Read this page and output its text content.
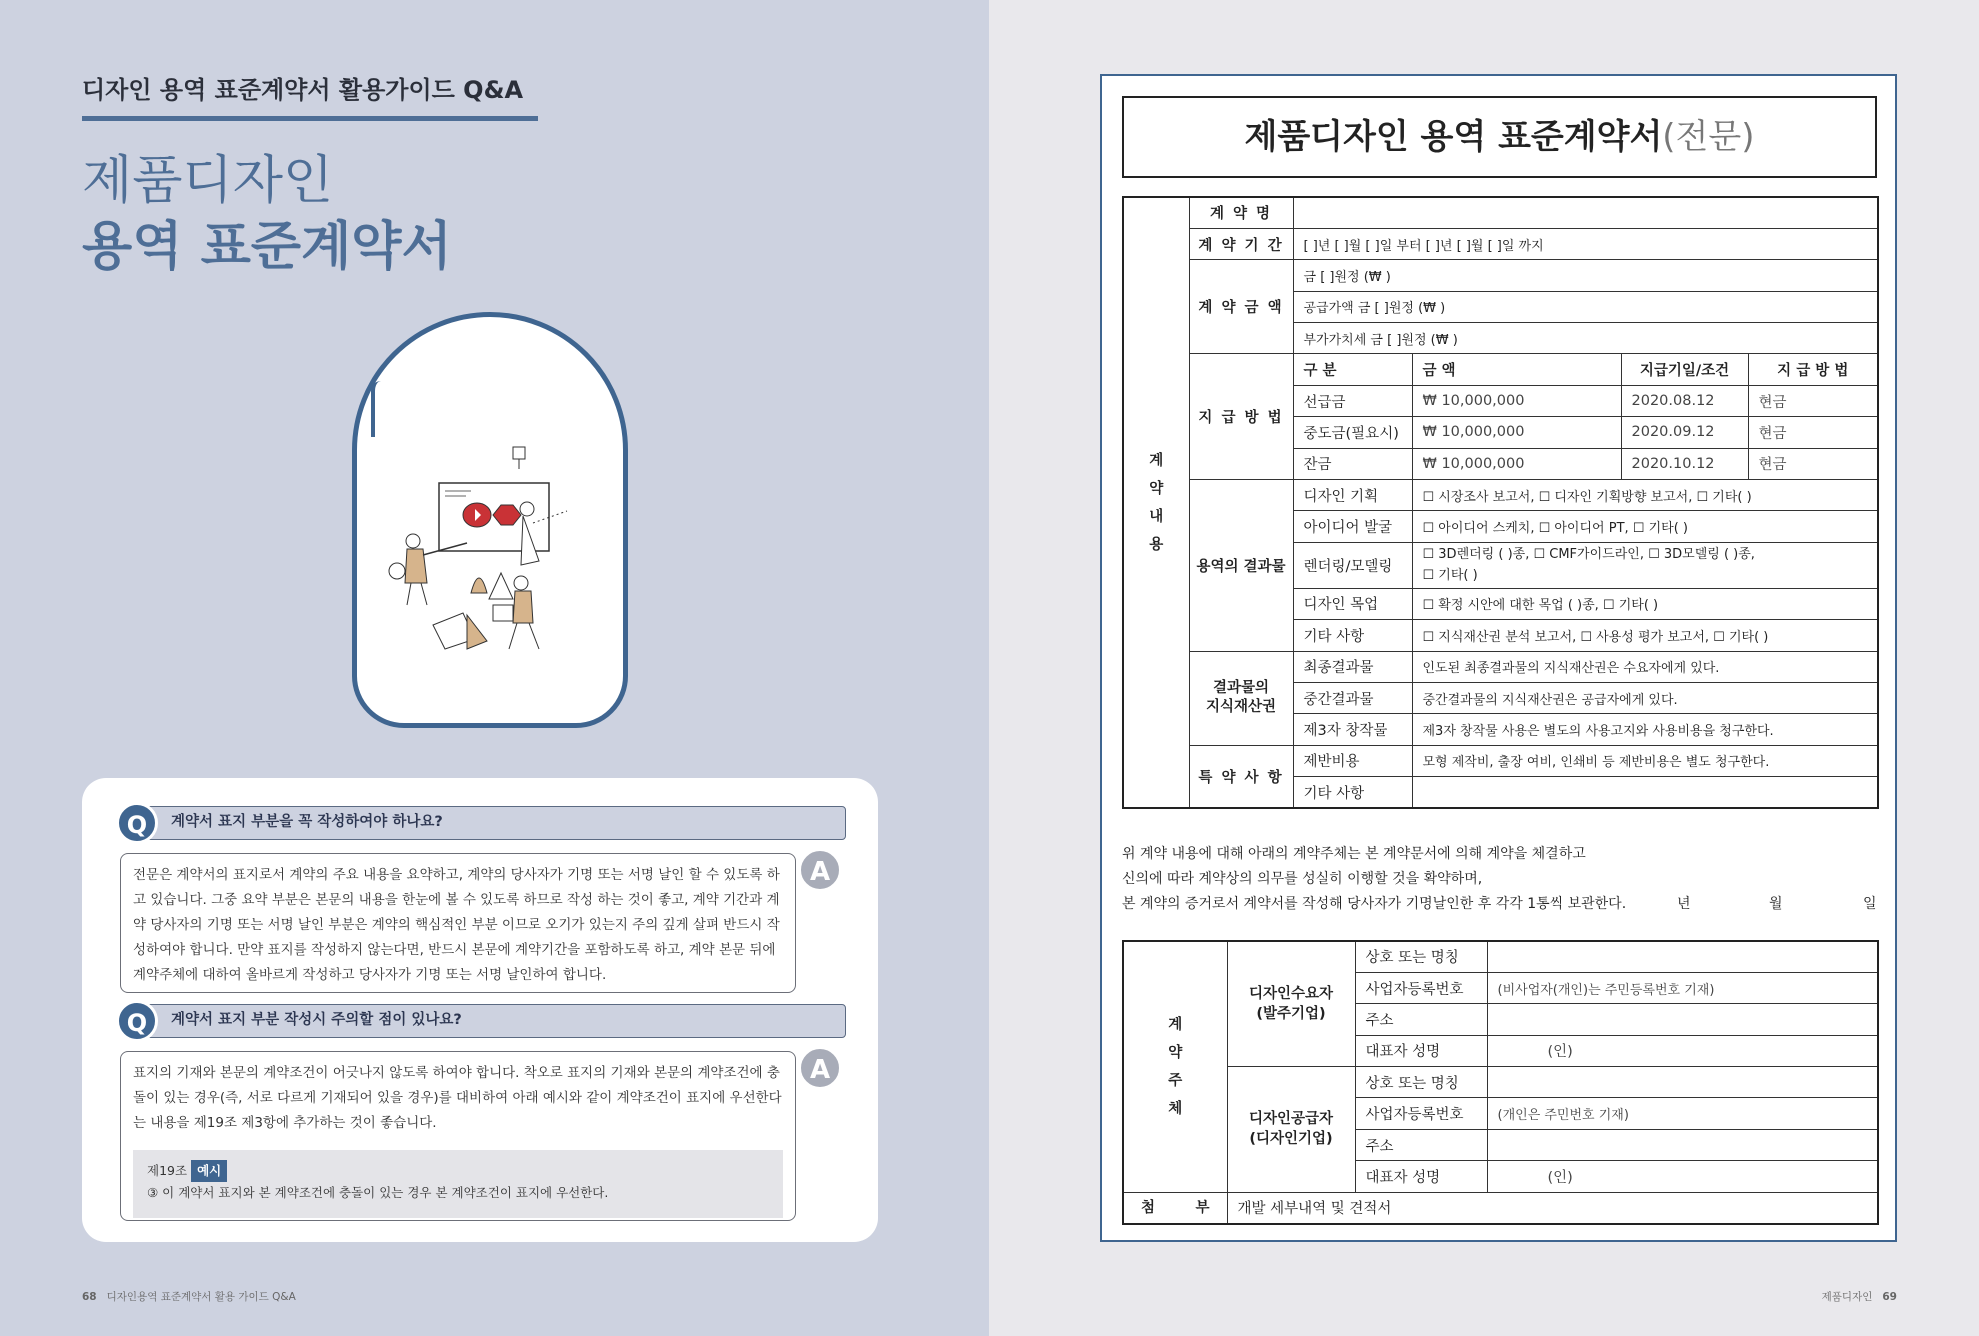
디자인 용역 표준계약서 활용가이드 Q&A
제품디자인
용역 표준계약서
계약서 표지 부분을 꼭 작성하여야 하나요?
Q
전문은 계약서의 표지로서 계약의 주요 내용을 요약하고, 계약의 당사자가 기명 또는 서명 날인 할 수 있도록 하고 있습니다. 그중 요약 부분은 본문의 내용을 한눈에 볼 수 있도록 하므로 작성 하는 것이 좋고, 계약 기간과 계약 당사자의 기명 또는 서명 날인 부분은 계약의 핵심적인 부분 이므로 오기가 있는지 주의 깊게 살펴 반드시 작성하여야 합니다. 만약 표지를 작성하지 않는다면, 반드시 본문에 계약기간을 포함하도록 하고, 계약 본문 뒤에 계약주체에 대하여 올바르게 작성하고 당사자가 기명 또는 서명 날인하여 합니다.
A
계약서 표지 부분 작성시 주의할 점이 있나요?
Q
표지의 기재와 본문의 계약조건이 어긋나지 않도록 하여야 합니다. 착오로 표지의 기재와 본문의 계약조건에 충돌이 있는 경우(즉, 서로 다르게 기재되어 있을 경우)를 대비하여 아래 예시와 같이 계약조건이 표지에 우선한다는 내용을 제19조 제3항에 추가하는 것이 좋습니다.
제19조 예시
③ 이 계약서 표지와 본 계약조건에 충돌이 있는 경우 본 계약조건이 표지에 우선한다.
A
68 디자인용역 표준계약서 활용 가이드 Q&A	제품디자인 69
제품디자인 용역 표준계약서(전문)
계 약 내 용	계 약 명				
	계 약 기 간	[ ]년 [ ]월 [ ]일 부터 [ ]년 [ ]월 [ ]일 까지			
	계 약 금 액	금 [ ]원정 (₩ )			
		공급가액 금 [ ]원정 (₩ )			
		부가가치세 금 [ ]원정 (₩ )			
	지 급 방 법	구 분	금 액	지급기일/조건	지 급 방 법
		선급금	₩ 10,000,000	2020.08.12	현금
		중도금(필요시)	₩ 10,000,000	2020.09.12	현금
		잔금	₩ 10,000,000	2020.10.12	현금
	용역의 결과물	디자인 기획	☐ 시장조사 보고서, ☐ 디자인 기획방향 보고서, ☐ 기타( )		
		아이디어 발굴	☐ 아이디어 스케치, ☐ 아이디어 PT, ☐ 기타( )		
		렌더링/모델링	☐ 3D렌더링 ( )종, ☐ CMF가이드라인, ☐ 3D모델링 ( )종,
☐ 기타( )		

		디자인 목업	☐ 확정 시안에 대한 목업 ( )종, ☐ 기타( )		
		기타 사항	☐ 지식재산권 분석 보고서, ☐ 사용성 평가 보고서, ☐ 기타( )		
	결과물의 지식재산권	최종결과물	인도된 최종결과물의 지식재산권은 수요자에게 있다.		
		중간결과물	중간결과물의 지식재산권은 공급자에게 있다.		
		제3자 창작물	제3자 창작물 사용은 별도의 사용고지와 사용비용을 청구한다.		
	특 약 사 항	제반비용	모형 제작비, 출장 여비, 인쇄비 등 제반비용은 별도 청구한다.		
		기타 사항			
위 계약 내용에 대해 아래의 계약주체는 본 계약문서에 의해 계약을 체결하고
신의에 따라 계약상의 의무를 성실히 이행할 것을 확약하며,
본 계약의 증거로서 계약서를 작성해 당사자가 기명날인한 후 각각 1통씩 보관한다.	년	월	일
계 약 주 체	디자인수요자
(발주기업)	상호 또는 명칭	
		사업자등록번호	(비사업자(개인)는 주민등록번호 기재)
		주소	
		대표자 성명	(인)
	디자인공급자
(디자인기업)	상호 또는 명칭	
		사업자등록번호	(개인은 주민번호 기재)
		주소	
		대표자 성명	(인)
첨        부	개발 세부내역 및 견적서		
